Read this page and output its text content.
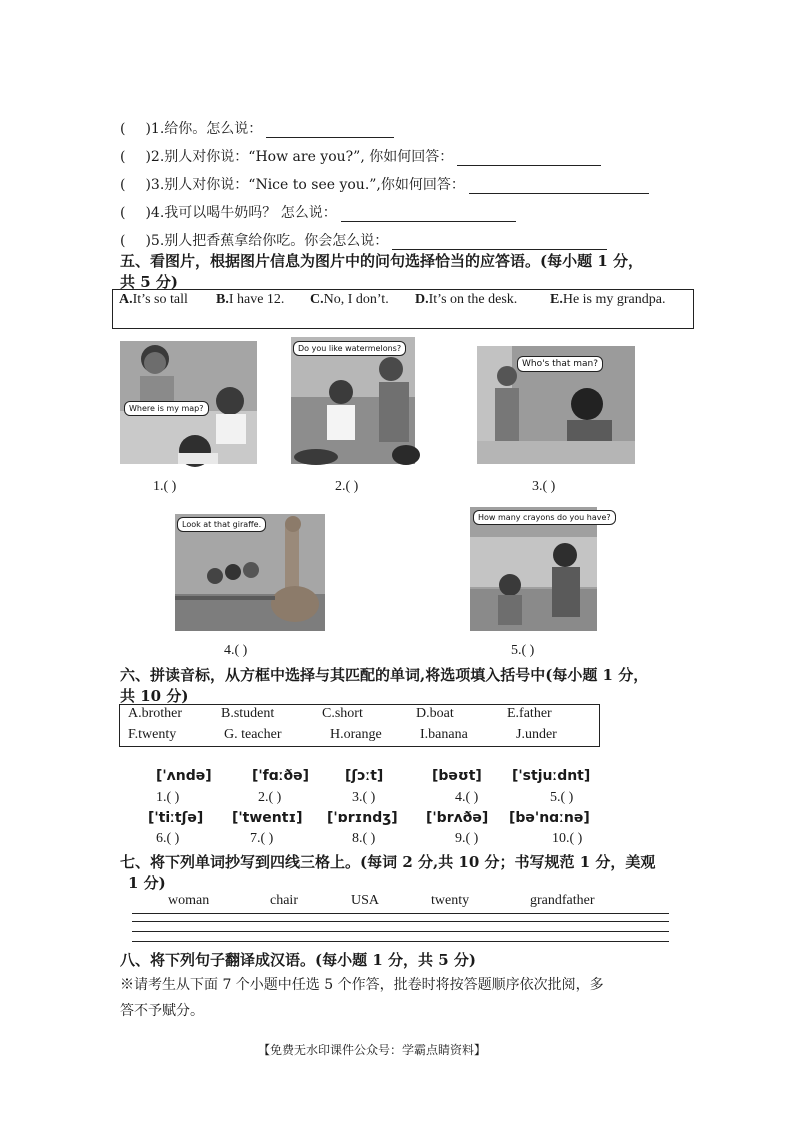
( )1.给你。怎么说：
( )2.别人对你说：“How are you?”, 你如何回答：
( )3.别人对你说：“Nice to see you.”,你如何回答：
( )4.我可以喝牛奶吗？ 怎么说：
( )5.别人把香蕉拿给你吃。你会怎么说：
五、看图片，根据图片信息为图片中的问句选择恰当的应答语。(每小题 1 分，
共 5 分)
A.It’s so tall B.I have 12. C.No, I don’t. D.It’s on the desk. E.He is my grandpa.
Where is my map?
1.( )
Do you like watermelons?
2.( )
Who's that man?
3.( )
Look at that giraffe.
4.( )
How many crayons do you have?
5.( )
六、拼读音标，从方框中选择与其匹配的单词,将选项填入括号中(每小题 1 分，
共 10 分)
A.brother	B.student	C.short	D.boat	E.father
F.twenty	G. teacher	H.orange	I.banana	J.under
['ʌndə]	['fɑːðə]	[ʃɔːt]	[bəʊt] ['stjuːdnt]
1.( )	2.( )	3.( )	4.( )	5.( )
['tiːtʃə] ['twentɪ] ['ɒrɪndʒ] ['brʌðə] [bə'nɑːnə]
6.( )	7.( )	8.( )	9.( )	10.( )
七、将下列单词抄写到四线三格上。(每词 2 分,共 10 分；书写规范 1 分，美观
1 分)
woman	chair	USA	twenty	grandfather
八、将下列句子翻译成汉语。(每小题 1 分，共 5 分)
※请考生从下面 7 个小题中任选 5 个作答，批卷时将按答题顺序依次批阅，多
答不予赋分。
【免费无水印课件公众号：学霸点睛资料】
